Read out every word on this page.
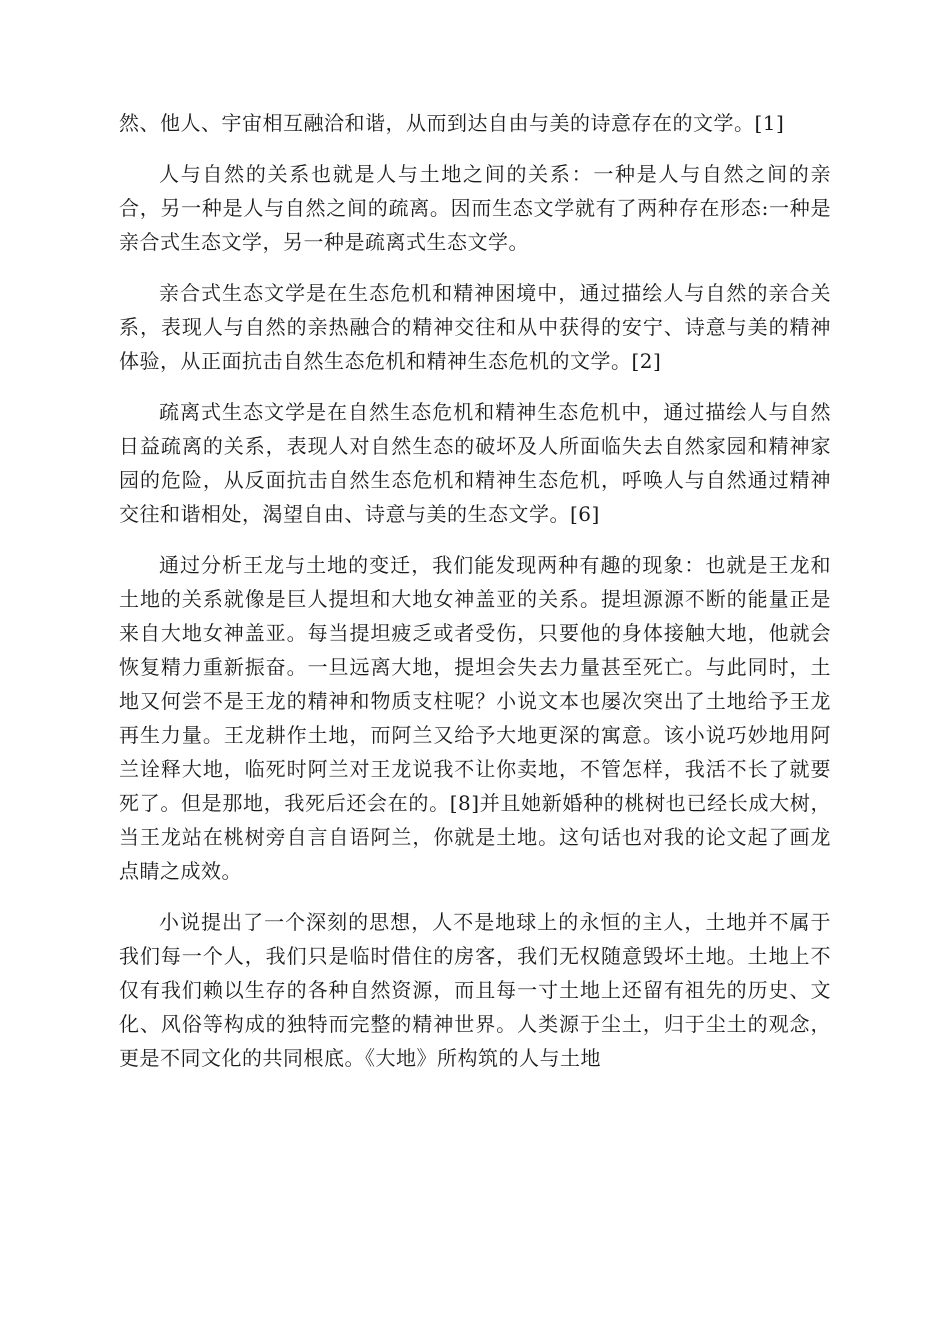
然、他人、宇宙相互融洽和谐，从而到达自由与美的诗意存在的文学。[1]

人与自然的关系也就是人与土地之间的关系：一种是人与自然之间的亲合，另一种是人与自然之间的疏离。因而生态文学就有了两种存在形态:一种是亲合式生态文学，另一种是疏离式生态文学。

亲合式生态文学是在生态危机和精神困境中，通过描绘人与自然的亲合关系，表现人与自然的亲热融合的精神交往和从中获得的安宁、诗意与美的精神体验，从正面抗击自然生态危机和精神生态危机的文学。[2]

疏离式生态文学是在自然生态危机和精神生态危机中，通过描绘人与自然日益疏离的关系，表现人对自然生态的破坏及人所面临失去自然家园和精神家园的危险，从反面抗击自然生态危机和精神生态危机，呼唤人与自然通过精神交往和谐相处，渴望自由、诗意与美的生态文学。[6]

通过分析王龙与土地的变迁，我们能发现两种有趣的现象：也就是王龙和土地的关系就像是巨人提坦和大地女神盖亚的关系。提坦源源不断的能量正是来自大地女神盖亚。每当提坦疲乏或者受伤，只要他的身体接触大地，他就会恢复精力重新振奋。一旦远离大地，提坦会失去力量甚至死亡。与此同时，土地又何尝不是王龙的精神和物质支柱呢？小说文本也屡次突出了土地给予王龙再生力量。王龙耕作土地，而阿兰又给予大地更深的寓意。该小说巧妙地用阿兰诠释大地，临死时阿兰对王龙说我不让你卖地，不管怎样，我活不长了就要死了。但是那地，我死后还会在的。[8]并且她新婚种的桃树也已经长成大树，当王龙站在桃树旁自言自语阿兰，你就是土地。这句话也对我的论文起了画龙点睛之成效。

小说提出了一个深刻的思想，人不是地球上的永恒的主人，土地并不属于我们每一个人，我们只是临时借住的房客，我们无权随意毁坏土地。土地上不仅有我们赖以生存的各种自然资源，而且每一寸土地上还留有祖先的历史、文化、风俗等构成的独特而完整的精神世界。人类源于尘土，归于尘土的观念，更是不同文化的共同根底。《大地》所构筑的人与土地
